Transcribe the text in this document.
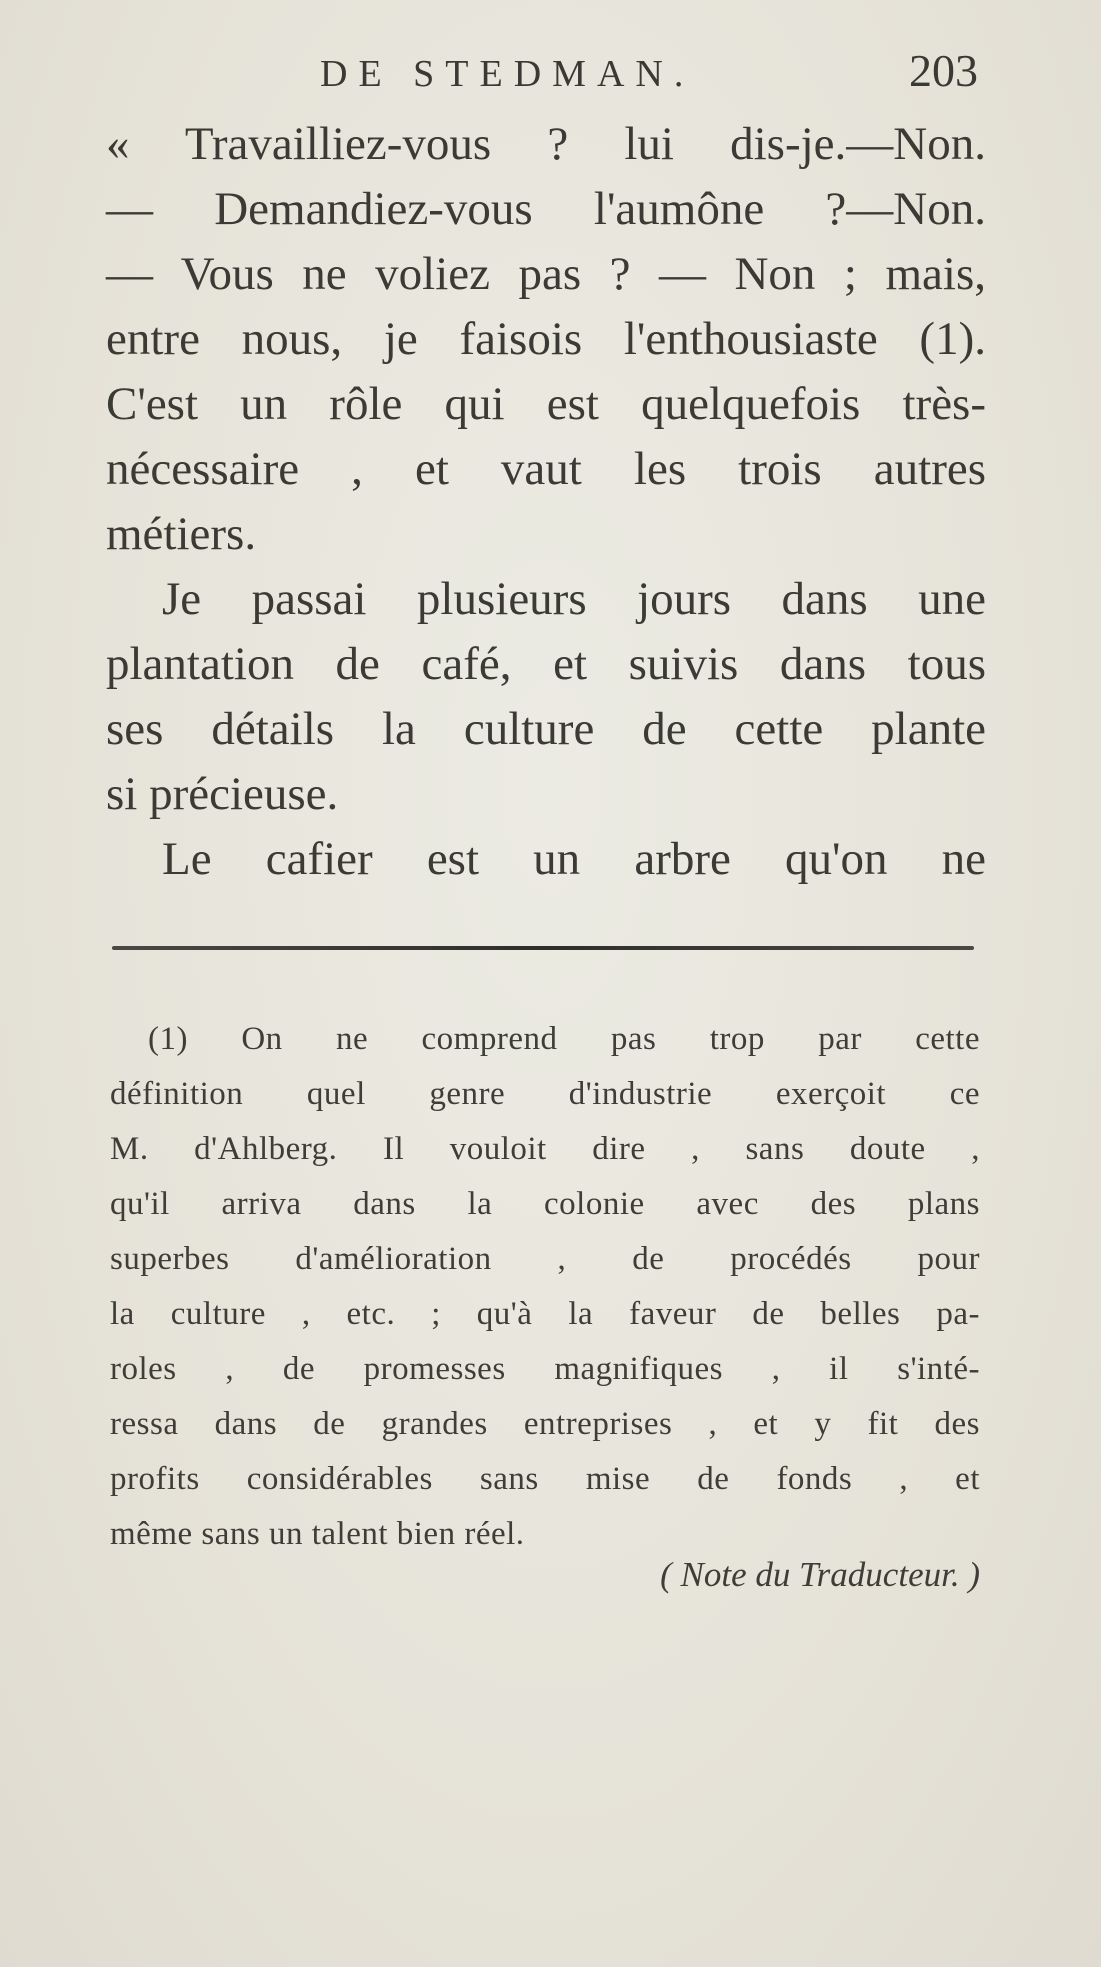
DE STEDMAN.	203
« Travailliez-vous ? lui dis-je.—Non.
— Demandiez-vous l'aumône ?—Non.
— Vous ne voliez pas ? — Non ; mais,
entre nous, je faisois l'enthousiaste (1).
C'est un rôle qui est quelquefois très-
nécessaire , et vaut les trois autres
métiers.
Je passai plusieurs jours dans une
plantation de café, et suivis dans tous
ses détails la culture de cette plante
si précieuse.
Le cafier est un arbre qu'on ne
(1) On ne comprend pas trop par cette
définition quel genre d'industrie exerçoit ce
M. d'Ahlberg. Il vouloit dire , sans doute ,
qu'il arriva dans la colonie avec des plans
superbes d'amélioration , de procédés pour
la culture , etc. ; qu'à la faveur de belles pa-
roles , de promesses magnifiques , il s'inté-
ressa dans de grandes entreprises , et y fit des
profits considérables sans mise de fonds , et
même sans un talent bien réel.
( Note du Traducteur. )
